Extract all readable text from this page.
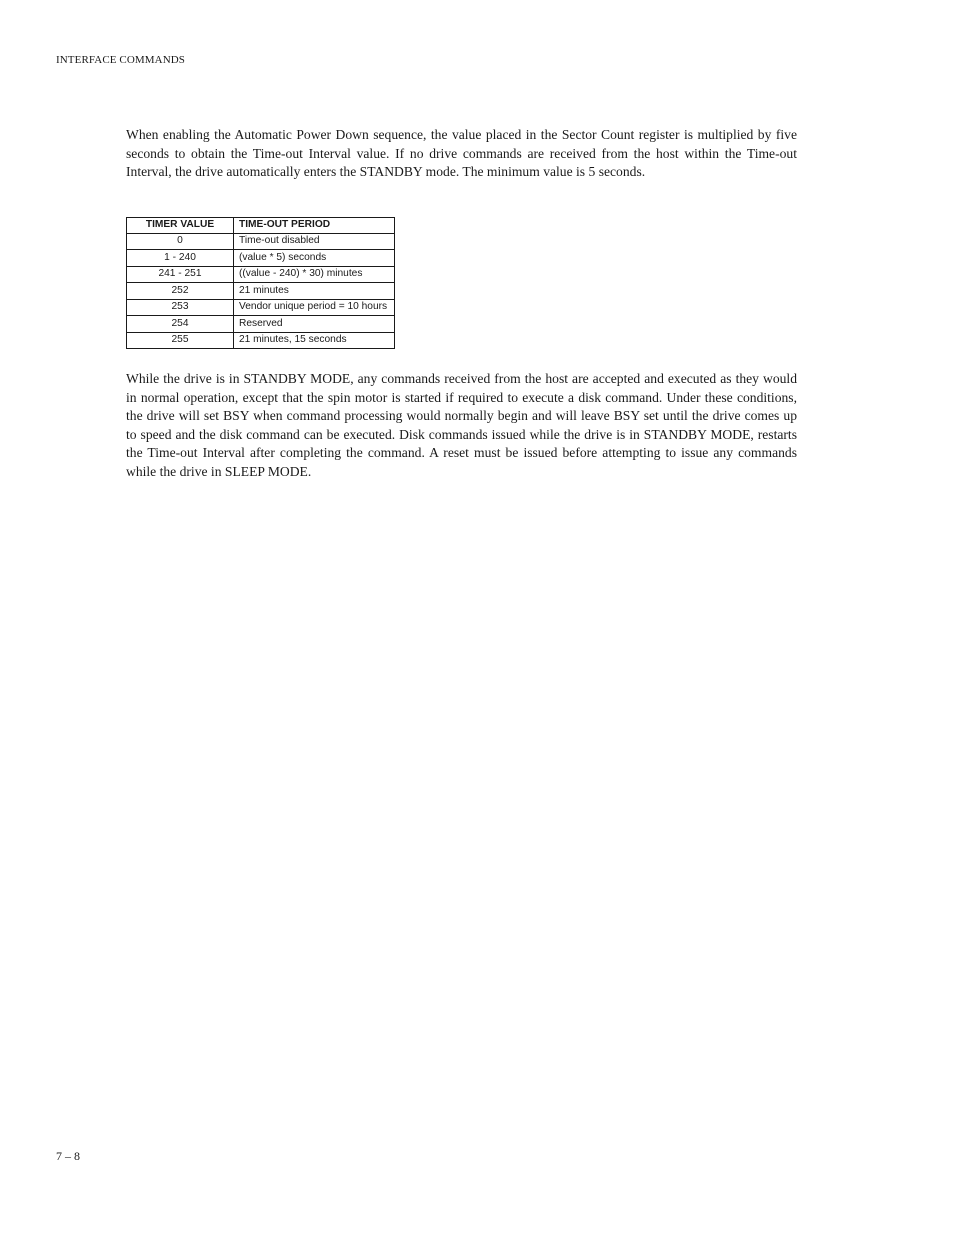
INTERFACE COMMANDS

When enabling the Automatic Power Down sequence, the value placed in the Sector Count register is multiplied by five seconds to obtain the Time-out Interval value. If no drive commands are received from the host within the Time-out Interval, the drive automatically enters the STANDBY mode. The minimum value is 5 seconds.

TIMER VALUE	TIME-OUT PERIOD
0	Time-out disabled
1 - 240	(value * 5) seconds
241 - 251	((value - 240) * 30) minutes
252	21 minutes
253	Vendor unique period = 10 hours
254	Reserved
255	21 minutes, 15 seconds

While the drive is in STANDBY MODE, any commands received from the host are accepted and executed as they would in normal operation, except that the spin motor is started if required to execute a disk command. Under these conditions, the drive will set BSY when command processing would normally begin and will leave BSY set until the drive comes up to speed and the disk command can be executed. Disk commands issued while the drive is in STANDBY MODE, restarts the Time-out Interval after completing the command. A reset must be issued before attempting to issue any commands while the drive in SLEEP MODE.

7 – 8
